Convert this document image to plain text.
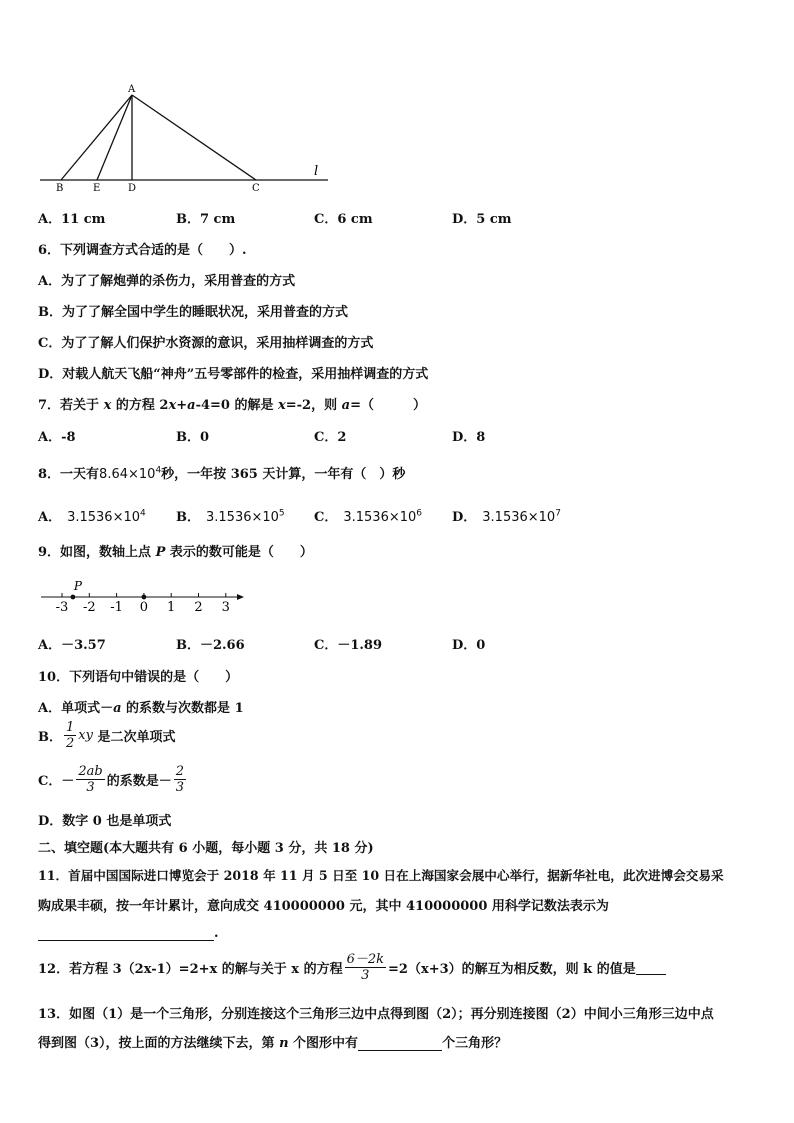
A
B	E	D	C
l
A．11 cm	B．7 cm	C．6 cm	D．5 cm
6．下列调查方式合适的是（　　）.
A．为了了解炮弹的杀伤力，采用普查的方式
B．为了了解全国中学生的睡眠状况，采用普查的方式
C．为了了解人们保护水资源的意识，采用抽样调查的方式
D．对载人航天飞船“神舟”五号零部件的检查，采用抽样调查的方式
7．若关于 x 的方程 2x+a-4=0 的解是 x=-2，则 a=（　　　）
A．-8	B．0	C．2	D．8
8．一天有$8.64\times 10^4$秒，一年按 365 天计算，一年有（　）秒
A． $3.1536\times 10^4$ B． $3.1536\times 10^5$ C． $3.1536\times 10^6$ D． $3.1536\times 10^7$
9．如图，数轴上点 P 表示的数可能是（　　）
-3 -2 -1 0 1 2 3
P
A．－3.57	B．－2.66	C．－1.89	D．0
10．下列语句中错误的是（　　）
A．单项式－a 的系数与次数都是 1
B． $\frac{1}{2}$ xy 是二次单项式
C．－ $\frac{2ab}{3}$ 的系数是－ $\frac{2}{3}$
D．数字 0 也是单项式
二、填空题(本大题共有 6 小题，每小题 3 分，共 18 分)
11．首届中国国际进口博览会于 2018 年 11 月 5 日至 10 日在上海国家会展中心举行，据新华社电，此次进博会交易采
购成果丰硕，按一年计累计，意向成交 410000000 元，其中 410000000 用科学记数法表示为
.
12．若方程 3（2x-1）=2+x 的解与关于 x 的方程 $\frac{6-2k}{3} =2(x+3)$的解互为相反数，则 k 的值是
13．如图（1）是一个三角形，分别连接这个三角形三边中点得到图（2）；再分别连接图（2）中间小三角形三边中点
得到图（3），按上面的方法继续下去，第 n 个图形中有	个三角形？
